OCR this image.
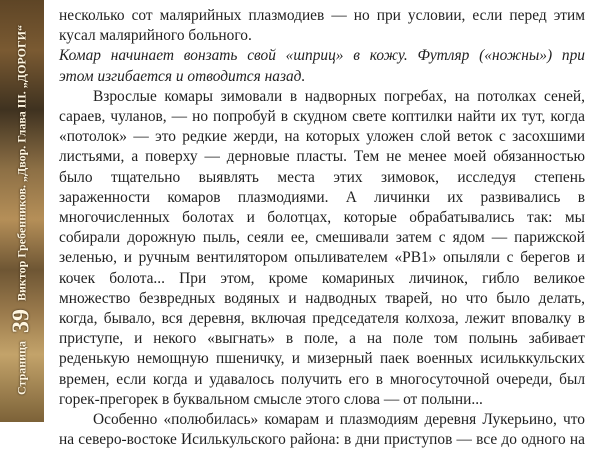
Страница
39
Виктор Гребенников. „Двор. Глава III. „ДОРОГИ“

несколько сот малярийных плазмодиев — но при условии, если перед этим
кусал малярийного больного.

Комар начинает вонзать свой «шприц» в кожу. Футляр («ножны») при
этом изгибается и отводится назад.

Взрослые комары зимовали в надворных погребах, на потолках сеней,
сараев, чуланов, — но попробуй в скудном свете коптилки найти их тут, когда
«потолок» — это редкие жерди, на которых уложен слой веток с засохшими
листьями, а поверху — дерновые пласты. Тем не менее моей обязанностью
было тщательно выявлять места этих зимовок, исследуя степень
зараженности комаров плазмодиями. А личинки их развивались в
многочисленных болотах и болотцах, которые обрабатывались так: мы
собирали дорожную пыль, сеяли ее, смешивали затем с ядом — парижской
зеленью, и ручным вентилятором опыливателем «РВ1» опыляли с берегов и
кочек болота... При этом, кроме комариных личинок, гибло великое
множество безвредных водяных и надводных тварей, но что было делать,
когда, бывало, вся деревня, включая председателя колхоза, лежит вповалку в
приступе, и некого «выгнать» в поле, а на поле том полынь забивает
реденькую немощную пшеничку, и мизерный паек военных исильккульских
времен, если когда и удавалось получить его в многосуточной очереди, был
горек-прегорек в буквальном смысле этого слова — от полыни...

Особенно «полюбилась» комарам и плазмодиям деревня Лукерьино, что
на северо-востоке Исилькульского района: в дни приступов — все до одного на
